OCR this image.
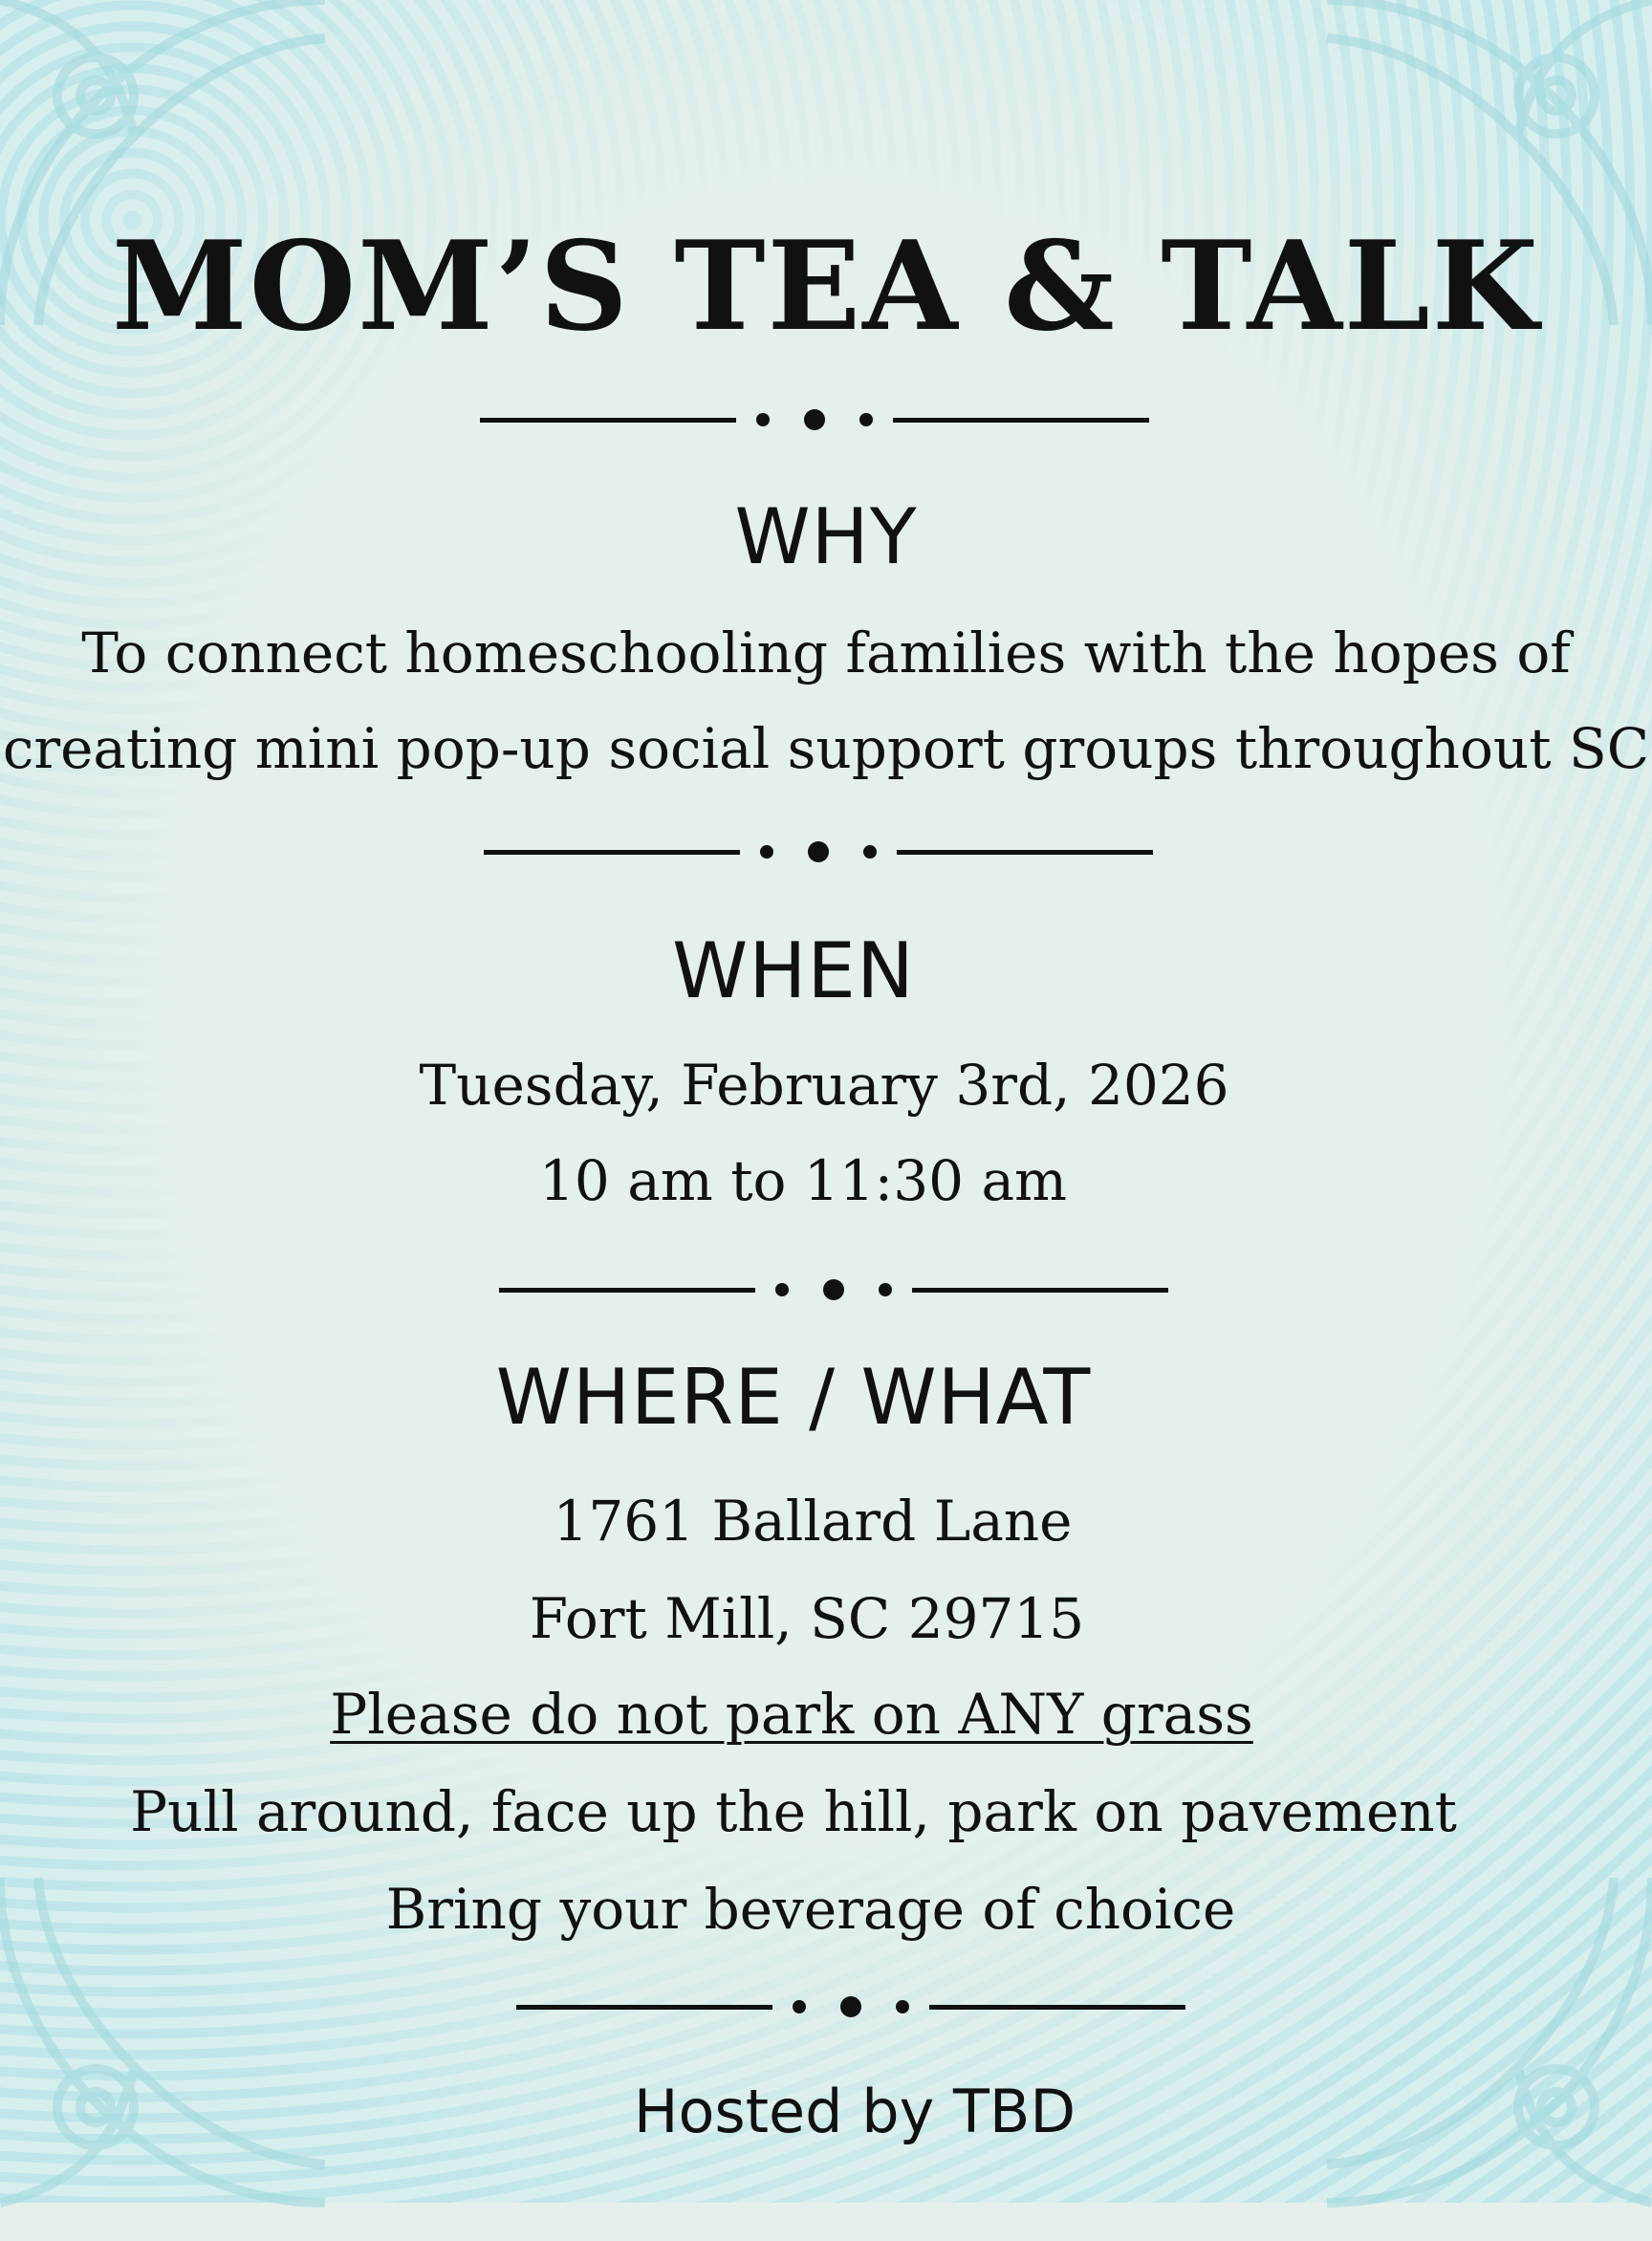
MOM’S TEA & TALK
WHY
To connect homeschooling families with the hopes of
creating mini pop-up social support groups throughout SC
WHEN
Tuesday, February 3rd, 2026
10 am to 11:30 am
WHERE / WHAT
1761 Ballard Lane
Fort Mill, SC 29715
Please do not park on ANY grass
Pull around, face up the hill, park on pavement
Bring your beverage of choice
Hosted by TBD
